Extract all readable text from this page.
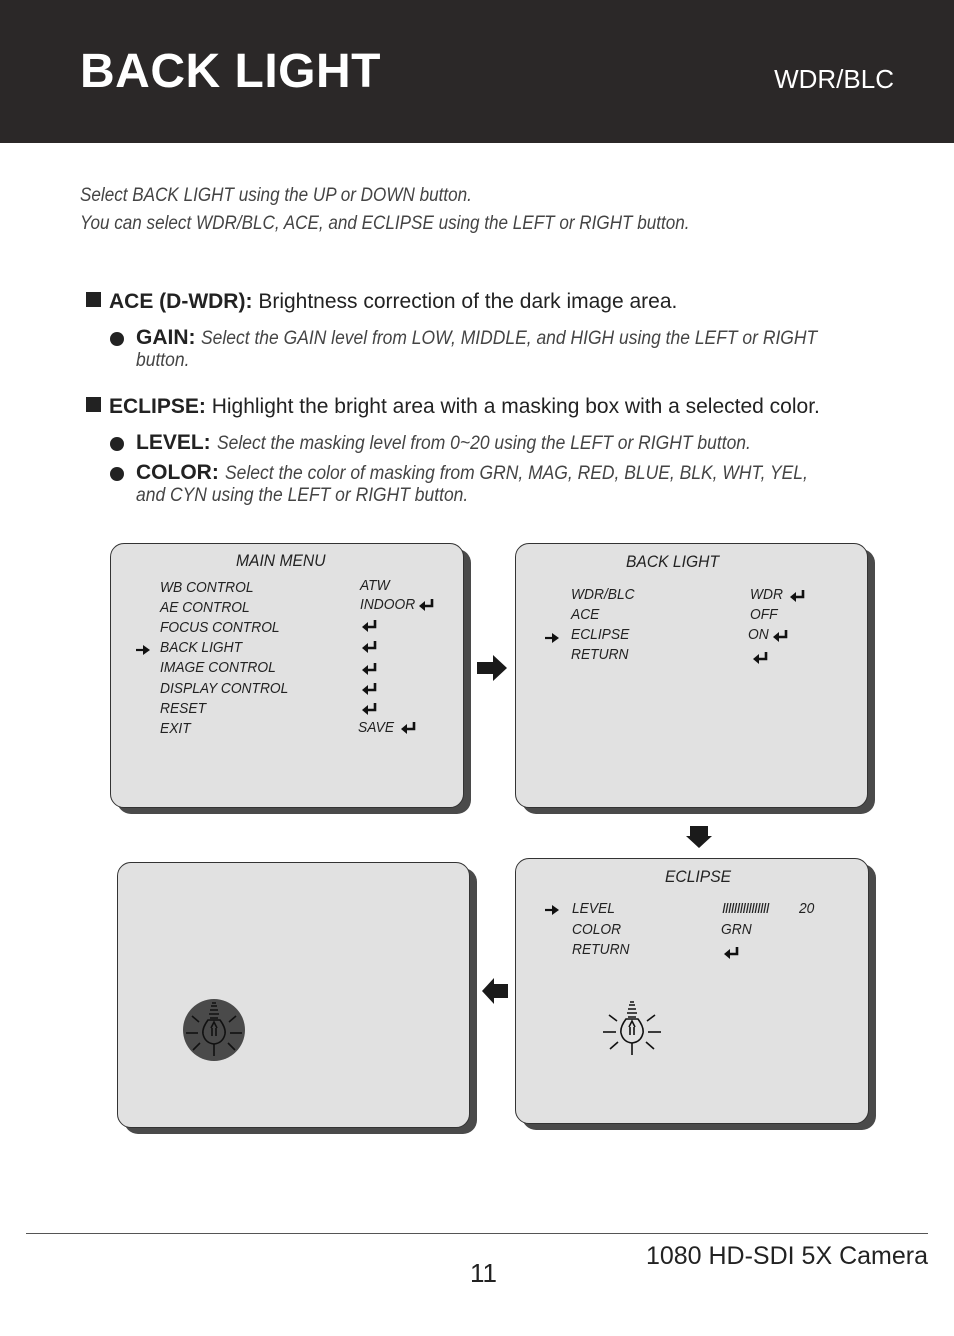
BACK LIGHT	WDR/BLC
Select BACK LIGHT using the UP or DOWN button.
You can select WDR/BLC, ACE, and ECLIPSE using the LEFT or RIGHT button.
ACE (D-WDR): Brightness correction of the dark image area.
GAIN: Select the GAIN level from LOW, MIDDLE, and HIGH using the LEFT or RIGHT
button.
ECLIPSE: Highlight the bright area with a masking box with a selected color.
LEVEL: Select the masking level from 0~20 using the LEFT or RIGHT button.
COLOR: Select the color of masking from GRN, MAG, RED, BLUE, BLK, WHT, YEL,
and CYN using the LEFT or RIGHT button.
MAIN MENU
WB CONTROL
AE CONTROL
FOCUS CONTROL
BACK LIGHT
IMAGE CONTROL
DISPLAY CONTROL
RESET
EXIT
ATW
INDOOR
SAVE
BACK LIGHT
WDR/BLC
ACE
ECLIPSE
RETURN
WDR
OFF
ON
ECLIPSE
LEVEL
COLOR
RETURN
IIIIIIIIIIIIIIII 20
GRN
11
1080 HD-SDI 5X Camera
